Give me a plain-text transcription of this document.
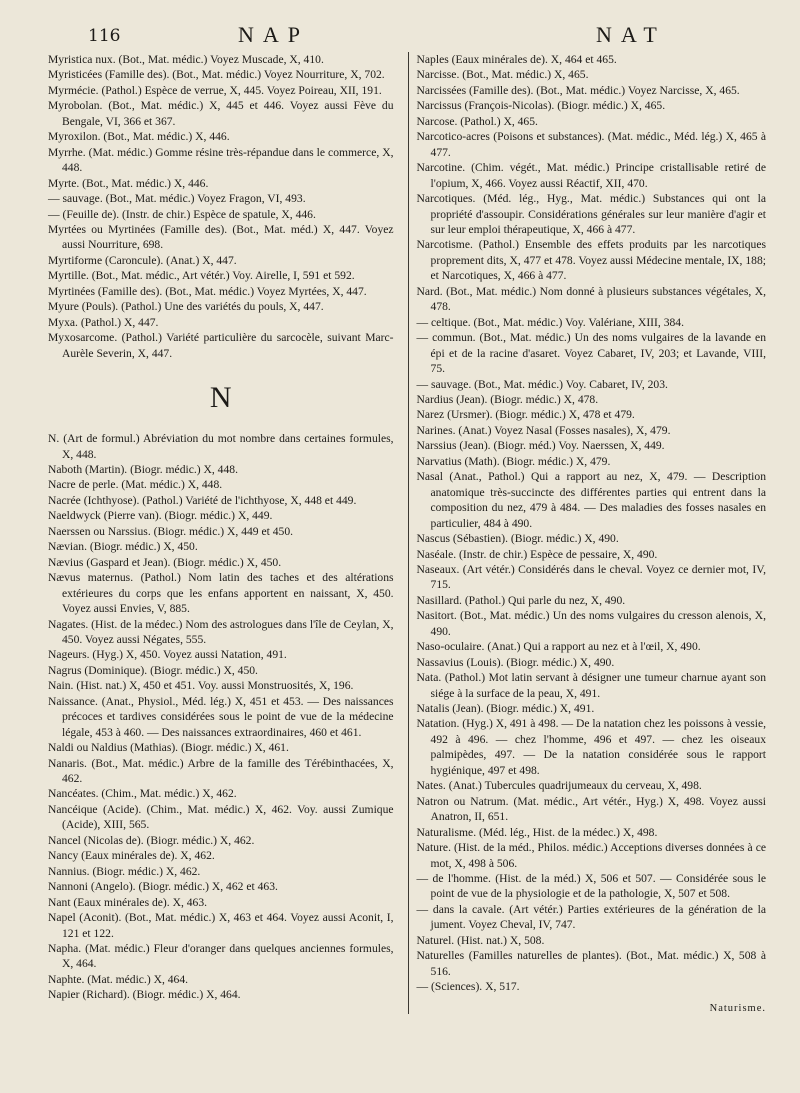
116	NAP	NAT
Myristica nux. (Bot., Mat. médic.) Voyez Muscade, X, 410.
Myristicées (Famille des). (Bot., Mat. médic.) Voyez Nourriture, X, 702.
Myrmécie. (Pathol.) Espèce de verrue, X, 445. Voyez Poireau, XII, 191.
Myrobolan. (Bot., Mat. médic.) X, 445 et 446. Voyez aussi Fève du Bengale, VI, 366 et 367.
Myroxilon. (Bot., Mat. médic.) X, 446.
Myrrhe. (Mat. médic.) Gomme résine très-répandue dans le commerce, X, 448.
Myrte. (Bot., Mat. médic.) X, 446.
— sauvage. (Bot., Mat. médic.) Voyez Fragon, VI, 493.
— (Feuille de). (Instr. de chir.) Espèce de spatule, X, 446.
Myrtées ou Myrtinées (Famille des). (Bot., Mat. méd.) X, 447. Voyez aussi Nourriture, 698.
Myrtiforme (Caroncule). (Anat.) X, 447.
Myrtille. (Bot., Mat. médic., Art vétér.) Voy. Airelle, I, 591 et 592.
Myrtinées (Famille des). (Bot., Mat. médic.) Voyez Myrtées, X, 447.
Myure (Pouls). (Pathol.) Une des variétés du pouls, X, 447.
Myxa. (Pathol.) X, 447.
Myxosarcome. (Pathol.) Variété particulière du sarcocèle, suivant Marc-Aurèle Severin, X, 447.
N
N. (Art de formul.) Abréviation du mot nombre dans certaines formules, X, 448.
Naboth (Martin). (Biogr. médic.) X, 448.
Nacre de perle. (Mat. médic.) X, 448.
Nacrée (Ichthyose). (Pathol.) Variété de l'ichthyose, X, 448 et 449.
Naeldwyck (Pierre van). (Biogr. médic.) X, 449.
Naerssen ou Narssius. (Biogr. médic.) X, 449 et 450.
Nævian. (Biogr. médic.) X, 450.
Nævius (Gaspard et Jean). (Biogr. médic.) X, 450.
Nævus maternus. (Pathol.) Nom latin des taches et des altérations extérieures du corps que les enfans apportent en naissant, X, 450. Voyez aussi Envies, V, 885.
Nagates. (Hist. de la médec.) Nom des astrologues dans l'île de Ceylan, X, 450. Voyez aussi Négates, 555.
Nageurs. (Hyg.) X, 450. Voyez aussi Natation, 491.
Nagrus (Dominique). (Biogr. médic.) X, 450.
Nain. (Hist. nat.) X, 450 et 451. Voy. aussi Monstruosités, X, 196.
Naissance. (Anat., Physiol., Méd. lég.) X, 451 et 453. — Des naissances précoces et tardives considérées sous le point de vue de la médecine légale, 453 à 460. — Des naissances extraordinaires, 460 et 461.
Naldi ou Naldius (Mathias). (Biogr. médic.) X, 461.
Nanaris. (Bot., Mat. médic.) Arbre de la famille des Térébinthacées, X, 462.
Nancéates. (Chim., Mat. médic.) X, 462.
Nancéique (Acide). (Chim., Mat. médic.) X, 462. Voy. aussi Zumique (Acide), XIII, 565.
Nancel (Nicolas de). (Biogr. médic.) X, 462.
Nancy (Eaux minérales de). X, 462.
Nannius. (Biogr. médic.) X, 462.
Nannoni (Angelo). (Biogr. médic.) X, 462 et 463.
Nant (Eaux minérales de). X, 463.
Napel (Aconit). (Bot., Mat. médic.) X, 463 et 464. Voyez aussi Aconit, I, 121 et 122.
Napha. (Mat. médic.) Fleur d'oranger dans quelques anciennes formules, X, 464.
Naphte. (Mat. médic.) X, 464.
Napier (Richard). (Biogr. médic.) X, 464.
Naples (Eaux minérales de). X, 464 et 465.
Narcisse. (Bot., Mat. médic.) X, 465.
Narcissées (Famille des). (Bot., Mat. médic.) Voyez Narcisse, X, 465.
Narcissus (François-Nicolas). (Biogr. médic.) X, 465.
Narcose. (Pathol.) X, 465.
Narcotico-acres (Poisons et substances). (Mat. médic., Méd. lég.) X, 465 à 477.
Narcotine. (Chim. végét., Mat. médic.) Principe cristallisable retiré de l'opium, X, 466. Voyez aussi Réactif, XII, 470.
Narcotiques. (Méd. lég., Hyg., Mat. médic.) Substances qui ont la propriété d'assoupir. Considérations générales sur leur manière d'agir et sur leur emploi thérapeutique, X, 466 à 477.
Narcotisme. (Pathol.) Ensemble des effets produits par les narcotiques proprement dits, X, 477 et 478. Voyez aussi Médecine mentale, IX, 188; et Narcotiques, X, 466 à 477.
Nard. (Bot., Mat. médic.) Nom donné à plusieurs substances végétales, X, 478.
— celtique. (Bot., Mat. médic.) Voy. Valériane, XIII, 384.
— commun. (Bot., Mat. médic.) Un des noms vulgaires de la lavande en épi et de la racine d'asaret. Voyez Cabaret, IV, 203; et Lavande, VIII, 75.
— sauvage. (Bot., Mat. médic.) Voy. Cabaret, IV, 203.
Nardius (Jean). (Biogr. médic.) X, 478.
Narez (Ursmer). (Biogr. médic.) X, 478 et 479.
Narines. (Anat.) Voyez Nasal (Fosses nasales), X, 479.
Narssius (Jean). (Biogr. méd.) Voy. Naerssen, X, 449.
Narvatius (Math). (Biogr. médic.) X, 479.
Nasal (Anat., Pathol.) Qui a rapport au nez, X, 479. — Description anatomique très-succincte des différentes parties qui entrent dans la composition du nez, 479 à 484. — Des maladies des fosses nasales en particulier, 484 à 490.
Nascus (Sébastien). (Biogr. médic.) X, 490.
Naséale. (Instr. de chir.) Espèce de pessaire, X, 490.
Naseaux. (Art vétér.) Considérés dans le cheval. Voyez ce dernier mot, IV, 715.
Nasillard. (Pathol.) Qui parle du nez, X, 490.
Nasitort. (Bot., Mat. médic.) Un des noms vulgaires du cresson alenois, X, 490.
Naso-oculaire. (Anat.) Qui a rapport au nez et à l'œil, X, 490.
Nassavius (Louis). (Biogr. médic.) X, 490.
Nata. (Pathol.) Mot latin servant à désigner une tumeur charnue ayant son siége à la surface de la peau, X, 491.
Natalis (Jean). (Biogr. médic.) X, 491.
Natation. (Hyg.) X, 491 à 498. — De la natation chez les poissons à vessie, 492 à 496. — chez l'homme, 496 et 497. — chez les oiseaux palmipèdes, 497. — De la natation considérée sous le rapport hygiénique, 497 et 498.
Nates. (Anat.) Tubercules quadrijumeaux du cerveau, X, 498.
Natron ou Natrum. (Mat. médic., Art vétér., Hyg.) X, 498. Voyez aussi Anatron, II, 651.
Naturalisme. (Méd. lég., Hist. de la médec.) X, 498.
Nature. (Hist. de la méd., Philos. médic.) Acceptions diverses données à ce mot, X, 498 à 506.
— de l'homme. (Hist. de la méd.) X, 506 et 507. — Considérée sous le point de vue de la physiologie et de la pathologie, X, 507 et 508.
— dans la cavale. (Art vétér.) Parties extérieures de la génération de la jument. Voyez Cheval, IV, 747.
Naturel. (Hist. nat.) X, 508.
Naturelles (Familles naturelles de plantes). (Bot., Mat. médic.) X, 508 à 516.
— (Sciences). X, 517.
Naturisme.
